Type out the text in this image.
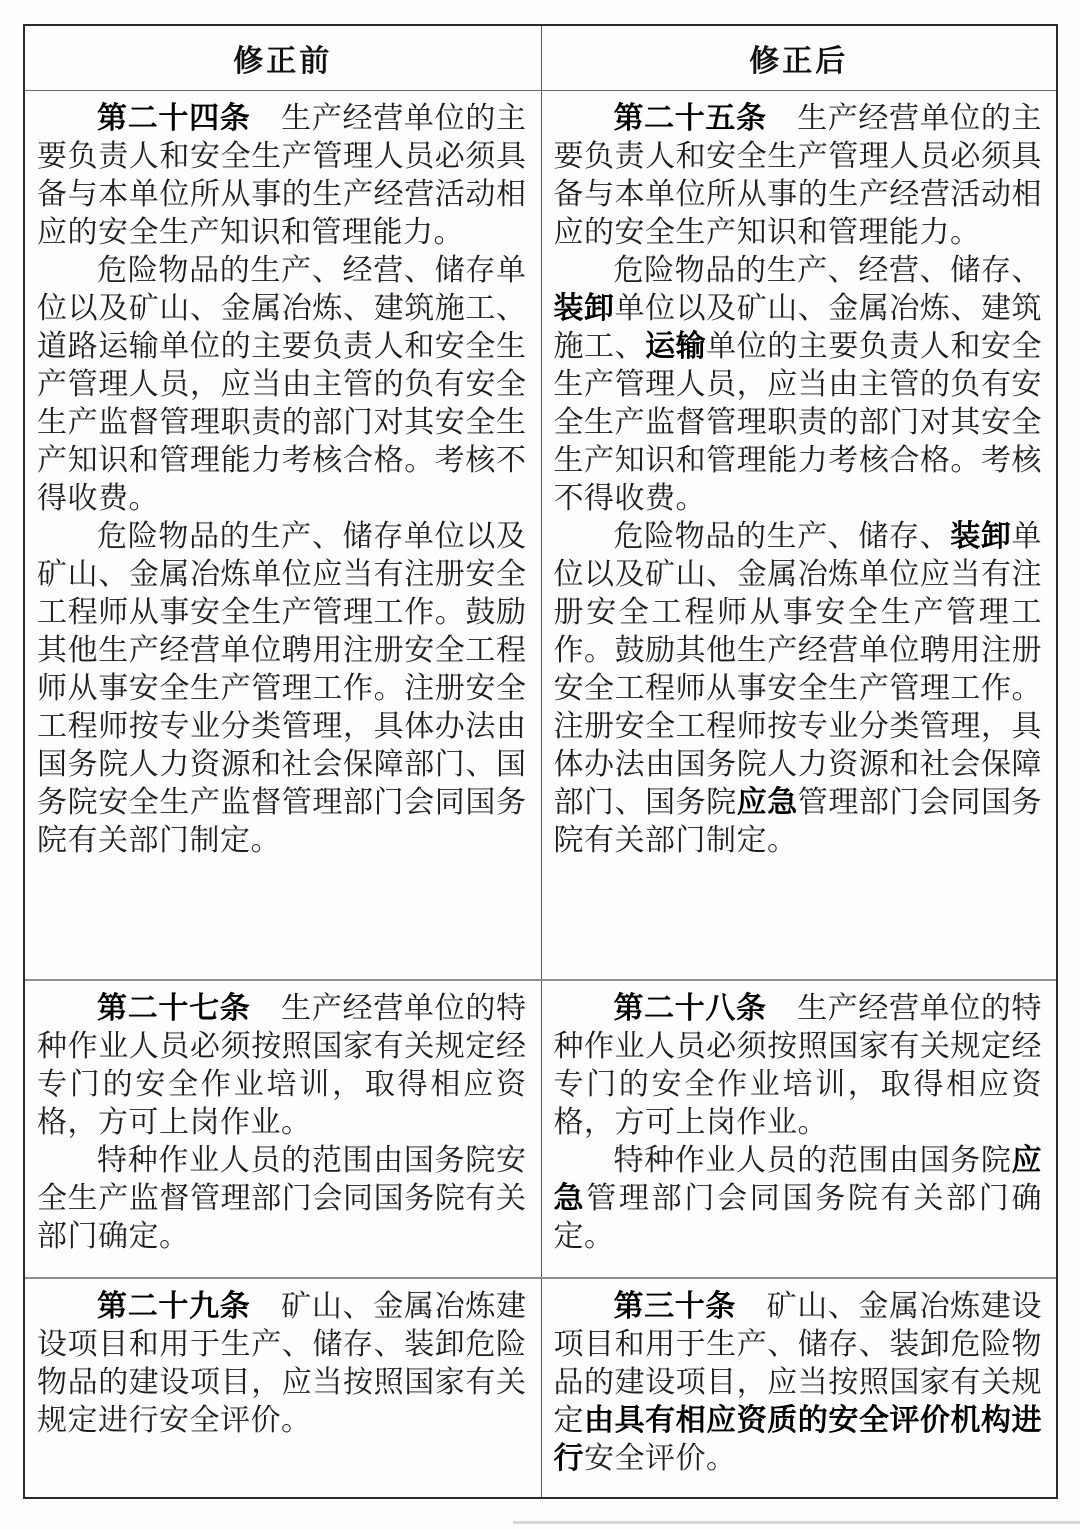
修正前	修正后

第二十四条　生产经营单位的主要负责人和安全生产管理人员必须具备与本单位所从事的生产经营活动相应的安全生产知识和管理能力。

危险物品的生产、经营、储存单位以及矿山、金属冶炼、建筑施工、道路运输单位的主要负责人和安全生产管理人员，应当由主管的负有安全生产监督管理职责的部门对其安全生产知识和管理能力考核合格。考核不得收费。

危险物品的生产、储存单位以及矿山、金属冶炼单位应当有注册安全工程师从事安全生产管理工作。鼓励其他生产经营单位聘用注册安全工程师从事安全生产管理工作。注册安全工程师按专业分类管理，具体办法由国务院人力资源和社会保障部门、国务院安全生产监督管理部门会同国务院有关部门制定。

第二十五条　生产经营单位的主要负责人和安全生产管理人员必须具备与本单位所从事的生产经营活动相应的安全生产知识和管理能力。

危险物品的生产、经营、储存、装卸单位以及矿山、金属冶炼、建筑施工、运输单位的主要负责人和安全生产管理人员，应当由主管的负有安全生产监督管理职责的部门对其安全生产知识和管理能力考核合格。考核不得收费。

危险物品的生产、储存、装卸单位以及矿山、金属冶炼单位应当有注册安全工程师从事安全生产管理工作。鼓励其他生产经营单位聘用注册安全工程师从事安全生产管理工作。注册安全工程师按专业分类管理，具体办法由国务院人力资源和社会保障部门、国务院应急管理部门会同国务院有关部门制定。

第二十七条　生产经营单位的特种作业人员必须按照国家有关规定经专门的安全作业培训，取得相应资格，方可上岗作业。

特种作业人员的范围由国务院安全生产监督管理部门会同国务院有关部门确定。

第二十八条　生产经营单位的特种作业人员必须按照国家有关规定经专门的安全作业培训，取得相应资格，方可上岗作业。

特种作业人员的范围由国务院应急管理部门会同国务院有关部门确定。

第二十九条　矿山、金属冶炼建设项目和用于生产、储存、装卸危险物品的建设项目，应当按照国家有关规定进行安全评价。

第三十条　矿山、金属冶炼建设项目和用于生产、储存、装卸危险物品的建设项目，应当按照国家有关规定由具有相应资质的安全评价机构进行安全评价。
